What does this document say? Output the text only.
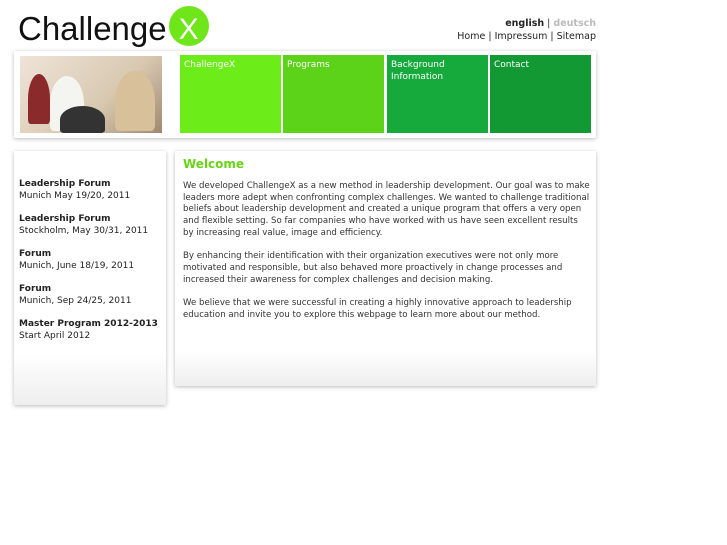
Challenge X	english | deutsch
Home | Impressum | Sitemap
ChallengeX	Programs	Background Information
Contact
Leadership Forum
Munich May 19/20, 2011
Leadership Forum
Stockholm, May 30/31, 2011
Forum
Munich, June 18/19, 2011
Forum
Munich, Sep 24/25, 2011
Master Program 2012-2013
Start April 2012
Welcome

We developed ChallengeX as a new method in leadership development. Our goal was to make leaders more adept when confronting complex challenges. We wanted to challenge traditional beliefs about leadership development and created a unique program that offers a very open and flexible setting. So far companies who have worked with us have seen excellent results by increasing real value, image and efficiency.

By enhancing their identification with their organization executives were not only more motivated and responsible, but also behaved more proactively in change processes and increased their awareness for complex challenges and decision making.

We believe that we were successful in creating a highly innovative approach to leadership education and invite you to explore this webpage to learn more about our method.
